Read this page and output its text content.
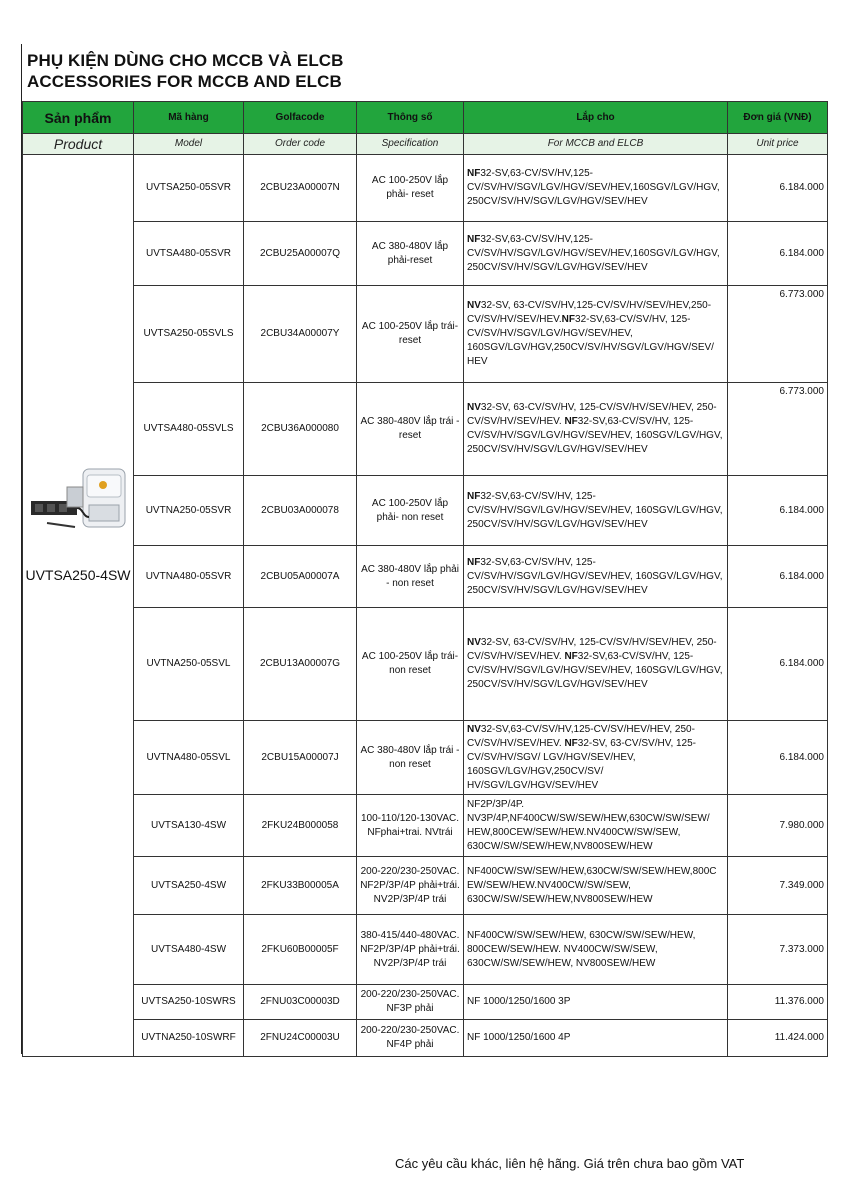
PHỤ KIỆN DÙNG CHO MCCB VÀ ELCB
ACCESSORIES FOR MCCB AND ELCB
Sản phẩm	Mã hàng	Golfacode	Thông số	Lắp cho	Đơn giá (VNĐ)
Product	Model	Order code	Specification	For MCCB and ELCB	Unit price

UVTSA250-4SW	UVTSA250-05SVR	2CBU23A00007N	AC 100-250V lắp phải- reset	NF32-SV,63-CV/SV/HV,125-CV/SV/HV/SGV/LGV/HGV/SEV/HEV,160SGV/LGV/HGV, 250CV/SV/HV/SGV/LGV/HGV/SEV/HEV	6.184.000
	UVTSA480-05SVR	2CBU25A00007Q	AC 380-480V lắp phải-reset	NF32-SV,63-CV/SV/HV,125-CV/SV/HV/SGV/LGV/HGV/SEV/HEV,160SGV/LGV/HGV, 250CV/SV/HV/SGV/LGV/HGV/SEV/HEV	6.184.000
	UVTSA250-05SVLS	2CBU34A00007Y	AC 100-250V lắp trái-reset	NV32-SV, 63-CV/SV/HV,125-CV/SV/HV/SEV/HEV,250-CV/SV/HV/SEV/HEV.NF32-SV,63-CV/SV/HV, 125-CV/SV/HV/SGV/LGV/HGV/SEV/HEV, 160SGV/LGV/HGV,250CV/SV/HV/SGV/LGV/HGV/SEV/ HEV	6.773.000
	UVTSA480-05SVLS	2CBU36A000080	AC 380-480V lắp trái - reset	NV32-SV, 63-CV/SV/HV, 125-CV/SV/HV/SEV/HEV, 250-CV/SV/HV/SEV/HEV. NF32-SV,63-CV/SV/HV, 125-CV/SV/HV/SGV/LGV/HGV/SEV/HEV, 160SGV/LGV/HGV, 250CV/SV/HV/SGV/LGV/HGV/SEV/HEV	6.773.000
	UVTNA250-05SVR	2CBU03A000078	AC 100-250V lắp phải- non reset	NF32-SV,63-CV/SV/HV, 125-CV/SV/HV/SGV/LGV/HGV/SEV/HEV, 160SGV/LGV/HGV, 250CV/SV/HV/SGV/LGV/HGV/SEV/HEV	6.184.000
	UVTNA480-05SVR	2CBU05A00007A	AC 380-480V lắp phải - non reset	NF32-SV,63-CV/SV/HV, 125-CV/SV/HV/SGV/LGV/HGV/SEV/HEV, 160SGV/LGV/HGV, 250CV/SV/HV/SGV/LGV/HGV/SEV/HEV	6.184.000
	UVTNA250-05SVL	2CBU13A00007G	AC 100-250V lắp trái-non reset	NV32-SV, 63-CV/SV/HV, 125-CV/SV/HV/SEV/HEV, 250-CV/SV/HV/SEV/HEV. NF32-SV,63-CV/SV/HV, 125-CV/SV/HV/SGV/LGV/HGV/SEV/HEV, 160SGV/LGV/HGV, 250CV/SV/HV/SGV/LGV/HGV/SEV/HEV	6.184.000
	UVTNA480-05SVL	2CBU15A00007J	AC 380-480V lắp trái - non reset	NV32-SV,63-CV/SV/HV,125-CV/SV/HEV/HEV, 250-CV/SV/HV/SEV/HEV. NF32-SV, 63-CV/SV/HV, 125-CV/SV/HV/SGV/ LGV/HGV/SEV/HEV, 160SGV/LGV/HGV,250CV/SV/ HV/SGV/LGV/HGV/SEV/HEV	6.184.000
	UVTSA130-4SW	2FKU24B000058	100-110/120-130VAC. NFphai+trai. NVtrái	NF2P/3P/4P. NV3P/4P,NF400CW/SW/SEW/HEW,630CW/SW/SEW/ HEW,800CEW/SEW/HEW.NV400CW/SW/SEW, 630CW/SW/SEW/HEW,NV800SEW/HEW	7.980.000
	UVTSA250-4SW	2FKU33B00005A	200-220/230-250VAC. NF2P/3P/4P phải+trái. NV2P/3P/4P trái	NF400CW/SW/SEW/HEW,630CW/SW/SEW/HEW,800C EW/SEW/HEW.NV400CW/SW/SEW, 630CW/SW/SEW/HEW,NV800SEW/HEW	7.349.000
	UVTSA480-4SW	2FKU60B00005F	380-415/440-480VAC. NF2P/3P/4P phải+trái. NV2P/3P/4P trái	NF400CW/SW/SEW/HEW, 630CW/SW/SEW/HEW, 800CEW/SEW/HEW. NV400CW/SW/SEW, 630CW/SW/SEW/HEW, NV800SEW/HEW	7.373.000
	UVTSA250-10SWRS	2FNU03C00003D	200-220/230-250VAC. NF3P phải	NF 1000/1250/1600 3P	11.376.000
	UVTNA250-10SWRF	2FNU24C00003U	200-220/230-250VAC. NF4P phải	NF 1000/1250/1600 4P	11.424.000
Các yêu cầu khác, liên hệ hãng. Giá trên chưa bao gồm VAT
